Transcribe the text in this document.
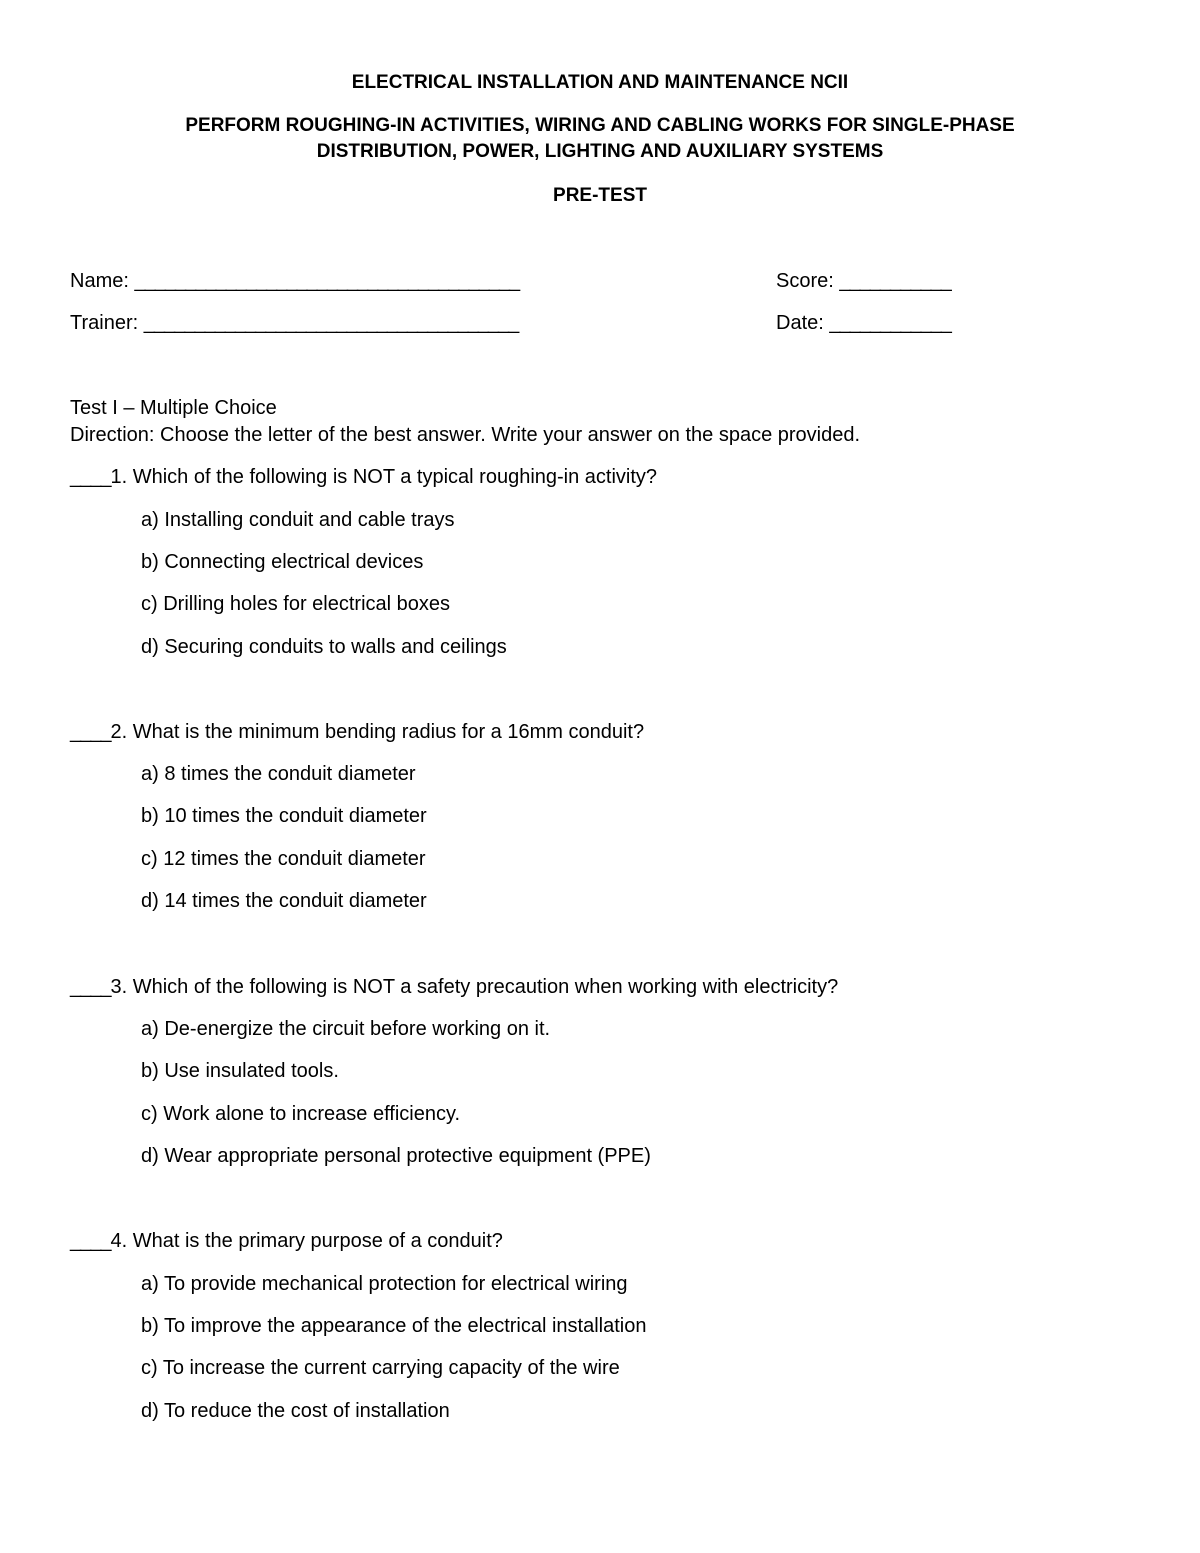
ELECTRICAL INSTALLATION AND MAINTENANCE NCII
PERFORM ROUGHING-IN ACTIVITIES, WIRING AND CABLING WORKS FOR SINGLE-PHASE
DISTRIBUTION, POWER, LIGHTING AND AUXILIARY SYSTEMS
PRE-TEST
Name: ______________________________________	Score: ___________
Trainer: _____________________________________	Date: ____________
Test I – Multiple Choice
Direction: Choose the letter of the best answer. Write your answer on the space provided.
____1. Which of the following is NOT a typical roughing-in activity?
a) Installing conduit and cable trays
b) Connecting electrical devices
c) Drilling holes for electrical boxes
d) Securing conduits to walls and ceilings
____2. What is the minimum bending radius for a 16mm conduit?
a) 8 times the conduit diameter
b) 10 times the conduit diameter
c) 12 times the conduit diameter
d) 14 times the conduit diameter
____3. Which of the following is NOT a safety precaution when working with electricity?
a) De-energize the circuit before working on it.
b) Use insulated tools.
c) Work alone to increase efficiency.
d) Wear appropriate personal protective equipment (PPE)
____4. What is the primary purpose of a conduit?
a) To provide mechanical protection for electrical wiring
b) To improve the appearance of the electrical installation
c) To increase the current carrying capacity of the wire
d) To reduce the cost of installation
